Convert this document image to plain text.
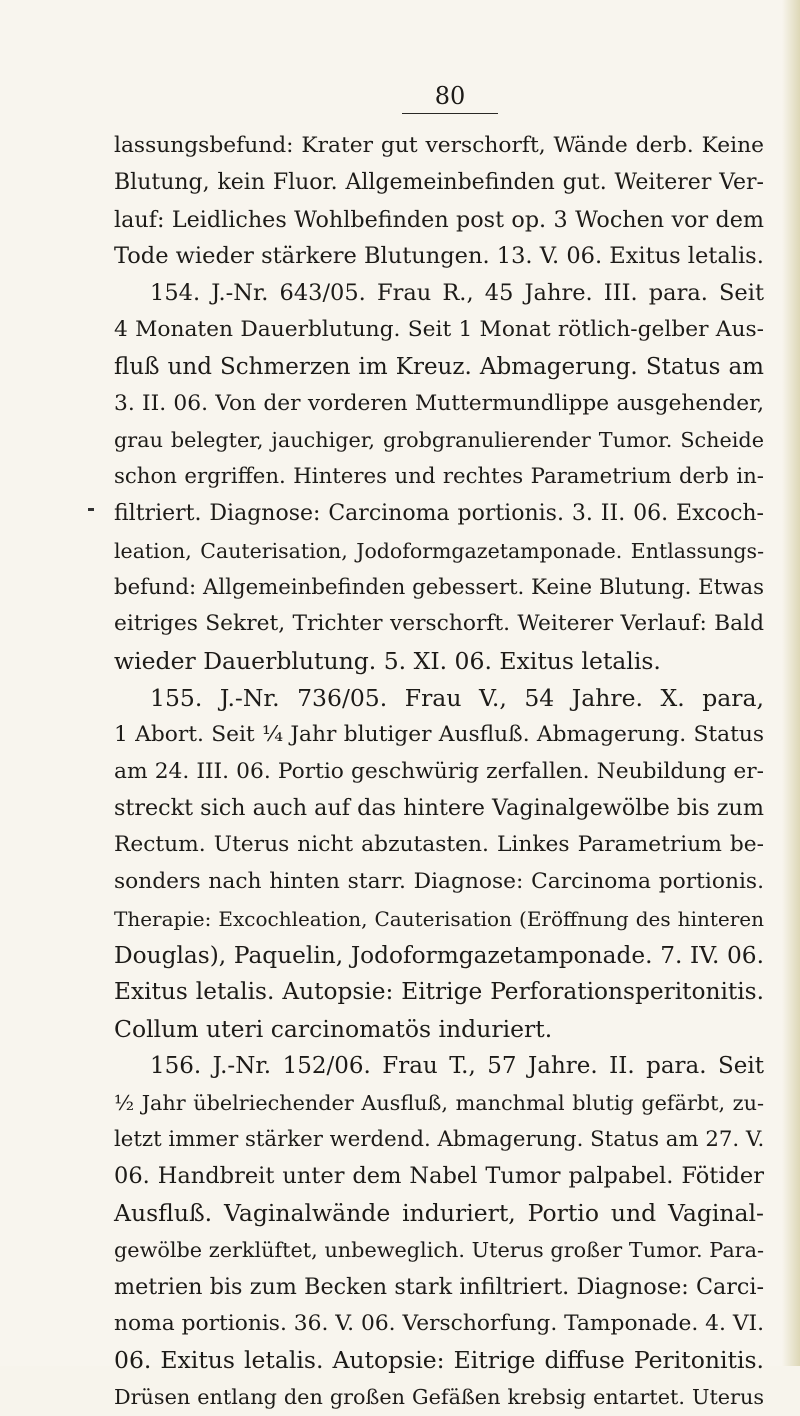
80
lassungsbefund: Krater gut verschorft, Wände derb. Keine
Blutung, kein Fluor. Allgemeinbefinden gut. Weiterer Ver-
lauf: Leidliches Wohlbefinden post op. 3 Wochen vor dem
Tode wieder stärkere Blutungen. 13. V. 06. Exitus letalis.
154. J.-Nr. 643/05. Frau R., 45 Jahre. III. para. Seit
4 Monaten Dauerblutung. Seit 1 Monat rötlich-gelber Aus-
fluß und Schmerzen im Kreuz. Abmagerung. Status am
3. II. 06. Von der vorderen Muttermundlippe ausgehender,
grau belegter, jauchiger, grobgranulierender Tumor. Scheide
schon ergriffen. Hinteres und rechtes Parametrium derb in-
filtriert. Diagnose: Carcinoma portionis. 3. II. 06. Excoch-
leation, Cauterisation, Jodoformgazetamponade. Entlassungs-
befund: Allgemeinbefinden gebessert. Keine Blutung. Etwas
eitriges Sekret, Trichter verschorft. Weiterer Verlauf: Bald
wieder Dauerblutung. 5. XI. 06. Exitus letalis.
155. J.-Nr. 736/05. Frau V., 54 Jahre. X. para,
1 Abort. Seit ¼ Jahr blutiger Ausfluß. Abmagerung. Status
am 24. III. 06. Portio geschwürig zerfallen. Neubildung er-
streckt sich auch auf das hintere Vaginalgewölbe bis zum
Rectum. Uterus nicht abzutasten. Linkes Parametrium be-
sonders nach hinten starr. Diagnose: Carcinoma portionis.
Therapie: Excochleation, Cauterisation (Eröffnung des hinteren
Douglas), Paquelin, Jodoformgazetamponade. 7. IV. 06.
Exitus letalis. Autopsie: Eitrige Perforationsperitonitis.
Collum uteri carcinomatös induriert.
156. J.-Nr. 152/06. Frau T., 57 Jahre. II. para. Seit
½ Jahr übelriechender Ausfluß, manchmal blutig gefärbt, zu-
letzt immer stärker werdend. Abmagerung. Status am 27. V.
06. Handbreit unter dem Nabel Tumor palpabel. Fötider
Ausfluß. Vaginalwände induriert, Portio und Vaginal-
gewölbe zerklüftet, unbeweglich. Uterus großer Tumor. Para-
metrien bis zum Becken stark infiltriert. Diagnose: Carci-
noma portionis. 36. V. 06. Verschorfung. Tamponade. 4. VI.
06. Exitus letalis. Autopsie: Eitrige diffuse Peritonitis.
Drüsen entlang den großen Gefäßen krebsig entartet. Uterus
